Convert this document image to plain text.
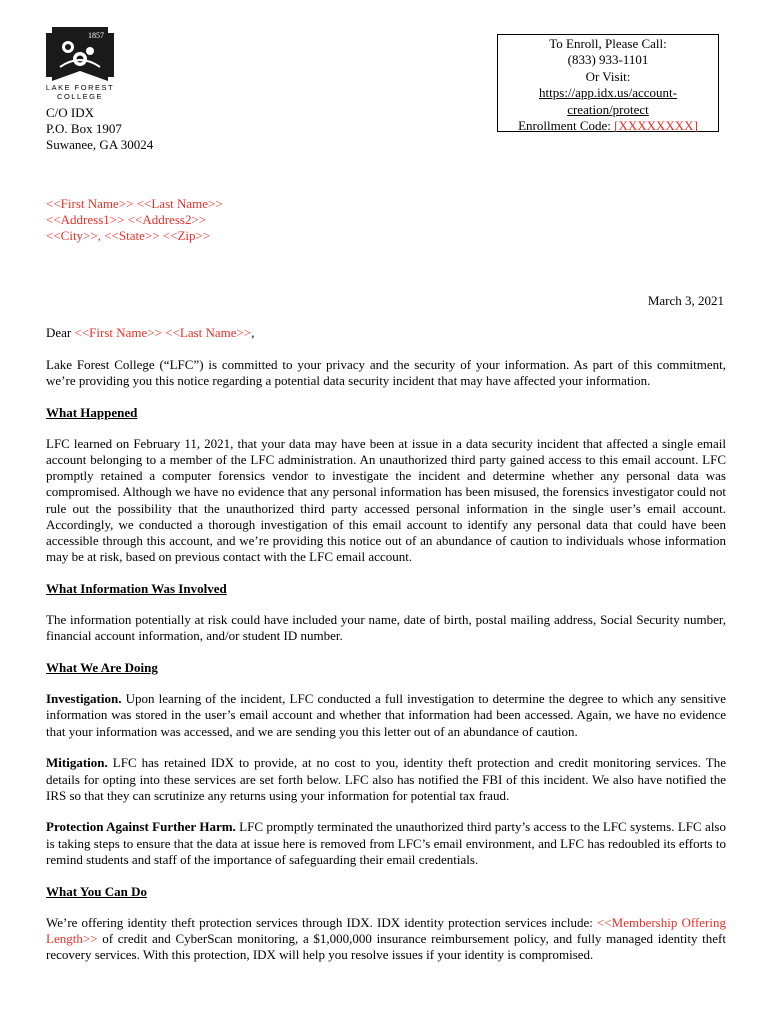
1857
LAKE FOREST
COLLEGE
C/O IDX
P.O. Box 1907
Suwanee, GA 30024
To Enroll, Please Call:
(833) 933-1101
Or Visit:
https://app.idx.us/account-
creation/protect
Enrollment Code: [XXXXXXXX]
<<First Name>> <<Last Name>>
<<Address1>> <<Address2>>
<<City>>, <<State>> <<Zip>>
March 3, 2021

Dear <<First Name>> <<Last Name>>,

Lake Forest College (“LFC”) is committed to your privacy and the security of your information. As part of this commitment, we’re providing you this notice regarding a potential data security incident that may have affected your information.

What Happened

LFC learned on February 11, 2021, that your data may have been at issue in a data security incident that affected a single email account belonging to a member of the LFC administration. An unauthorized third party gained access to this email account. LFC promptly retained a computer forensics vendor to investigate the incident and determine whether any personal data was compromised. Although we have no evidence that any personal information has been misused, the forensics investigator could not rule out the possibility that the unauthorized third party accessed personal information in the single user’s email account. Accordingly, we conducted a thorough investigation of this email account to identify any personal data that could have been accessible through this account, and we’re providing this notice out of an abundance of caution to individuals whose information may be at risk, based on previous contact with the LFC email account.

What Information Was Involved

The information potentially at risk could have included your name, date of birth, postal mailing address, Social Security number, financial account information, and/or student ID number.

What We Are Doing

Investigation. Upon learning of the incident, LFC conducted a full investigation to determine the degree to which any sensitive information was stored in the user’s email account and whether that information had been accessed. Again, we have no evidence that your information was accessed, and we are sending you this letter out of an abundance of caution.

Mitigation. LFC has retained IDX to provide, at no cost to you, identity theft protection and credit monitoring services. The details for opting into these services are set forth below. LFC also has notified the FBI of this incident. We also have notified the IRS so that they can scrutinize any returns using your information for potential tax fraud.

Protection Against Further Harm. LFC promptly terminated the unauthorized third party’s access to the LFC systems. LFC also is taking steps to ensure that the data at issue here is removed from LFC’s email environment, and LFC has redoubled its efforts to remind students and staff of the importance of safeguarding their email credentials.

What You Can Do

We’re offering identity theft protection services through IDX. IDX identity protection services include: <<Membership Offering Length>> of credit and CyberScan monitoring, a $1,000,000 insurance reimbursement policy, and fully managed identity theft recovery services. With this protection, IDX will help you resolve issues if your identity is compromised.
